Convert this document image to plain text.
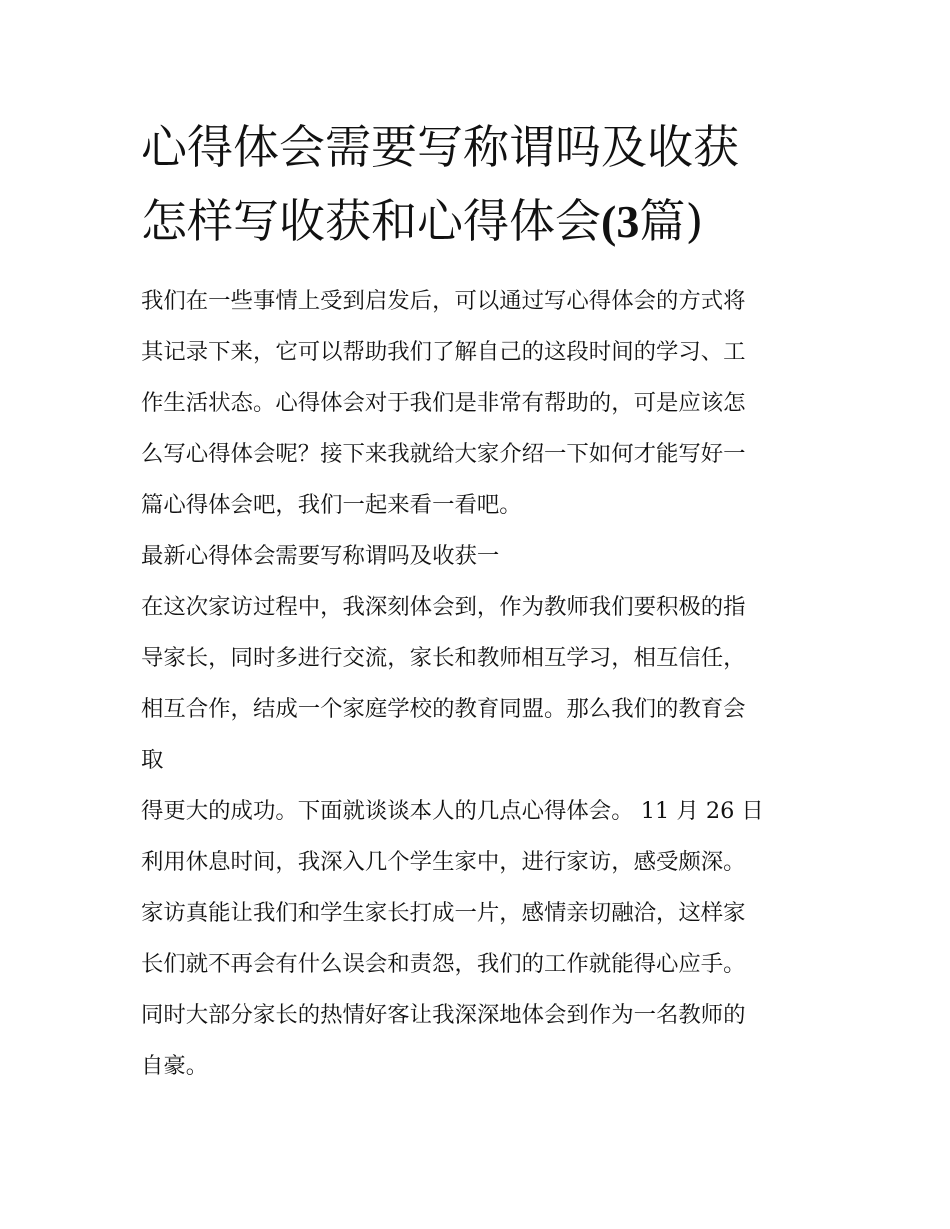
心得体会需要写称谓吗及收获
怎样写收获和心得体会(3篇)
我们在一些事情上受到启发后，可以通过写心得体会的方式将
其记录下来，它可以帮助我们了解自己的这段时间的学习、工
作生活状态。心得体会对于我们是非常有帮助的，可是应该怎
么写心得体会呢？接下来我就给大家介绍一下如何才能写好一
篇心得体会吧，我们一起来看一看吧。
最新心得体会需要写称谓吗及收获一
在这次家访过程中，我深刻体会到，作为教师我们要积极的指
导家长，同时多进行交流，家长和教师相互学习，相互信任，
相互合作，结成一个家庭学校的教育同盟。那么我们的教育会
取
得更大的成功。下面就谈谈本人的几点心得体会。 11 月 26 日
利用休息时间，我深入几个学生家中，进行家访，感受颇深。
家访真能让我们和学生家长打成一片，感情亲切融洽，这样家
长们就不再会有什么误会和责怨，我们的工作就能得心应手。
同时大部分家长的热情好客让我深深地体会到作为一名教师的
自豪。
